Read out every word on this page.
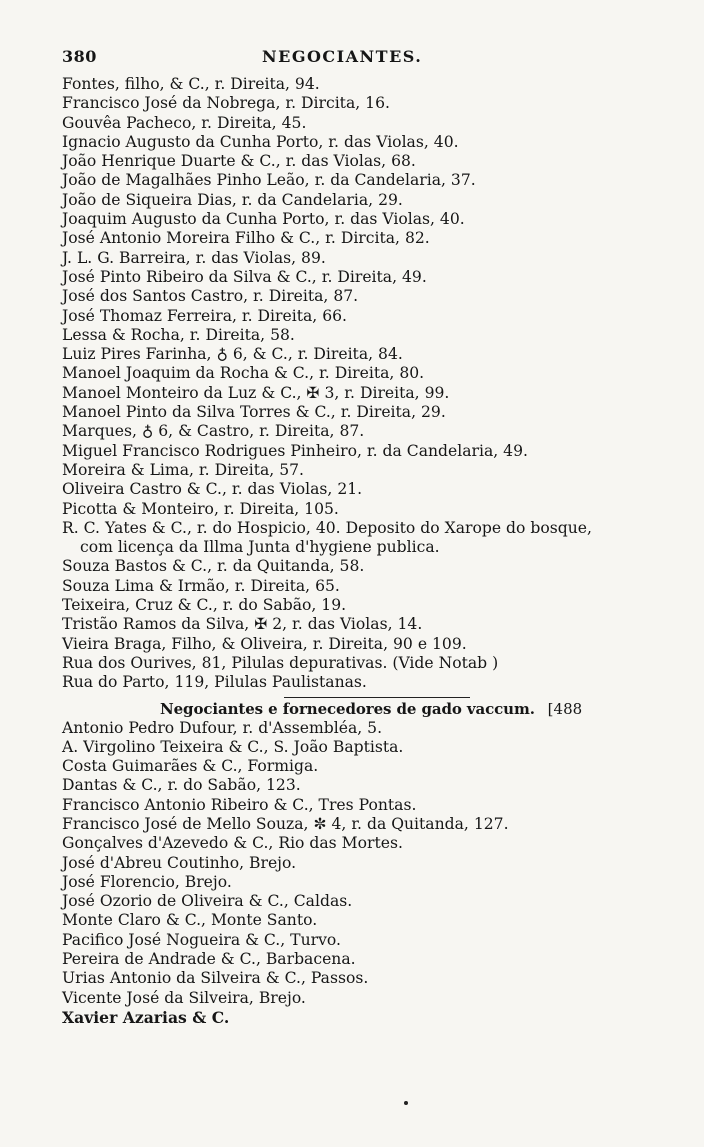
380	NEGOCIANTES.

Fontes, filho, & C., r. Direita, 94.

Francisco José da Nobrega, r. Dircita, 16.

Gouvêa Pacheco, r. Direita, 45.

Ignacio Augusto da Cunha Porto, r. das Violas, 40.

João Henrique Duarte & C., r. das Violas, 68.

João de Magalhães Pinho Leão, r. da Candelaria, 37.

João de Siqueira Dias, r. da Candelaria, 29.

Joaquim Augusto da Cunha Porto, r. das Violas, 40.

José Antonio Moreira Filho & C., r. Dircita, 82.

J. L. G. Barreira, r. das Violas, 89.

José Pinto Ribeiro da Silva & C., r. Direita, 49.

José dos Santos Castro, r. Direita, 87.

José Thomaz Ferreira, r. Direita, 66.

Lessa & Rocha, r. Direita, 58.

Luiz Pires Farinha, ♁ 6, & C., r. Direita, 84.

Manoel Joaquim da Rocha & C., r. Direita, 80.

Manoel Monteiro da Luz & C., ✠ 3, r. Direita, 99.

Manoel Pinto da Silva Torres & C., r. Direita, 29.

Marques, ♁ 6, & Castro, r. Direita, 87.

Miguel Francisco Rodrigues Pinheiro, r. da Candelaria, 49.

Moreira & Lima, r. Direita, 57.

Oliveira Castro & C., r. das Violas, 21.

Picotta & Monteiro, r. Direita, 105.

R. C. Yates & C., r. do Hospicio, 40. Deposito do Xarope do bosque,

com licença da Illma Junta d'hygiene publica.

Souza Bastos & C., r. da Quitanda, 58.

Souza Lima & Irmão, r. Direita, 65.

Teixeira, Cruz & C., r. do Sabão, 19.

Tristão Ramos da Silva, ✠ 2, r. das Violas, 14.

Vieira Braga, Filho, & Oliveira, r. Direita, 90 e 109.

Rua dos Ourives, 81, Pilulas depurativas. (Vide Notab )

Rua do Parto, 119, Pilulas Paulistanas.

Negociantes e fornecedores de gado vaccum. [488

Antonio Pedro Dufour, r. d'Assembléa, 5.

A. Virgolino Teixeira & C., S. João Baptista.

Costa Guimarães & C., Formiga.

Dantas & C., r. do Sabão, 123.

Francisco Antonio Ribeiro & C., Tres Pontas.

Francisco José de Mello Souza, ✼ 4, r. da Quitanda, 127.

Gonçalves d'Azevedo & C., Rio das Mortes.

José d'Abreu Coutinho, Brejo.

José Florencio, Brejo.

José Ozorio de Oliveira & C., Caldas.

Monte Claro & C., Monte Santo.

Pacifico José Nogueira & C., Turvo.

Pereira de Andrade & C., Barbacena.

Urias Antonio da Silveira & C., Passos.

Vicente José da Silveira, Brejo.

Xavier Azarias & C.
